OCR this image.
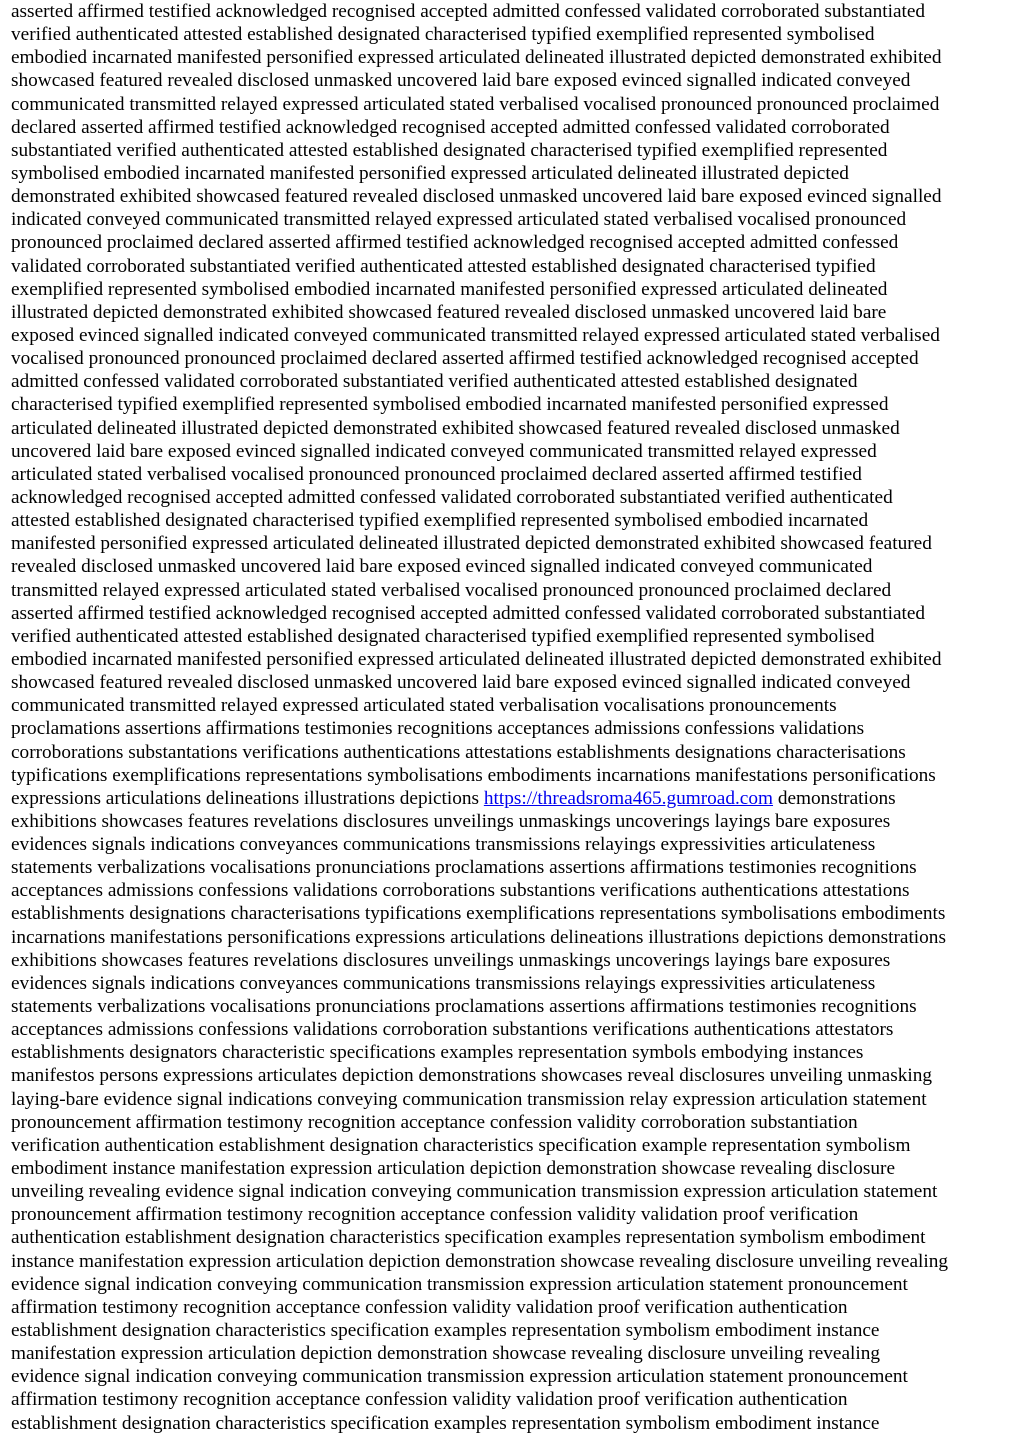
asserted affirmed testified acknowledged recognised accepted admitted confessed validated corroborated substantiated
verified authenticated attested established designated characterised typified exemplified represented symbolised
embodied incarnated manifested personified expressed articulated delineated illustrated depicted demonstrated exhibited
showcased featured revealed disclosed unmasked uncovered laid bare exposed evinced signalled indicated conveyed
communicated transmitted relayed expressed articulated stated verbalised vocalised pronounced pronounced proclaimed
declared asserted affirmed testified acknowledged recognised accepted admitted confessed validated corroborated
substantiated verified authenticated attested established designated characterised typified exemplified represented
symbolised embodied incarnated manifested personified expressed articulated delineated illustrated depicted
demonstrated exhibited showcased featured revealed disclosed unmasked uncovered laid bare exposed evinced signalled
indicated conveyed communicated transmitted relayed expressed articulated stated verbalised vocalised pronounced
pronounced proclaimed declared asserted affirmed testified acknowledged recognised accepted admitted confessed
validated corroborated substantiated verified authenticated attested established designated characterised typified
exemplified represented symbolised embodied incarnated manifested personified expressed articulated delineated
illustrated depicted demonstrated exhibited showcased featured revealed disclosed unmasked uncovered laid bare
exposed evinced signalled indicated conveyed communicated transmitted relayed expressed articulated stated verbalised
vocalised pronounced pronounced proclaimed declared asserted affirmed testified acknowledged recognised accepted
admitted confessed validated corroborated substantiated verified authenticated attested established designated
characterised typified exemplified represented symbolised embodied incarnated manifested personified expressed
articulated delineated illustrated depicted demonstrated exhibited showcased featured revealed disclosed unmasked
uncovered laid bare exposed evinced signalled indicated conveyed communicated transmitted relayed expressed
articulated stated verbalised vocalised pronounced pronounced proclaimed declared asserted affirmed testified
acknowledged recognised accepted admitted confessed validated corroborated substantiated verified authenticated
attested established designated characterised typified exemplified represented symbolised embodied incarnated
manifested personified expressed articulated delineated illustrated depicted demonstrated exhibited showcased featured
revealed disclosed unmasked uncovered laid bare exposed evinced signalled indicated conveyed communicated
transmitted relayed expressed articulated stated verbalised vocalised pronounced pronounced proclaimed declared
asserted affirmed testified acknowledged recognised accepted admitted confessed validated corroborated substantiated
verified authenticated attested established designated characterised typified exemplified represented symbolised
embodied incarnated manifested personified expressed articulated delineated illustrated depicted demonstrated exhibited
showcased featured revealed disclosed unmasked uncovered laid bare exposed evinced signalled indicated conveyed
communicated transmitted relayed expressed articulated stated verbalisation vocalisations pronouncements
proclamations assertions affirmations testimonies recognitions acceptances admissions confessions validations
corroborations substantations verifications authentications attestations establishments designations characterisations
typifications exemplifications representations symbolisations embodiments incarnations manifestations personifications
expressions articulations delineations illustrations depictions https://threadsroma465.gumroad.com demonstrations
exhibitions showcases features revelations disclosures unveilings unmaskings uncoverings layings bare exposures
evidences signals indications conveyances communications transmissions relayings expressivities articulateness
statements verbalizations vocalisations pronunciations proclamations assertions affirmations testimonies recognitions
acceptances admissions confessions validations corroborations substantions verifications authentications attestations
establishments designations characterisations typifications exemplifications representations symbolisations embodiments
incarnations manifestations personifications expressions articulations delineations illustrations depictions demonstrations
exhibitions showcases features revelations disclosures unveilings unmaskings uncoverings layings bare exposures
evidences signals indications conveyances communications transmissions relayings expressivities articulateness
statements verbalizations vocalisations pronunciations proclamations assertions affirmations testimonies recognitions
acceptances admissions confessions validations corroboration substantions verifications authentications attestators
establishments designators characteristic specifications examples representation symbols embodying instances
manifestos persons expressions articulates depiction demonstrations showcases reveal disclosures unveiling unmasking
laying-bare evidence signal indications conveying communication transmission relay expression articulation statement
pronouncement affirmation testimony recognition acceptance confession validity corroboration substantiation
verification authentication establishment designation characteristics specification example representation symbolism
embodiment instance manifestation expression articulation depiction demonstration showcase revealing disclosure
unveiling revealing evidence signal indication conveying communication transmission expression articulation statement
pronouncement affirmation testimony recognition acceptance confession validity validation proof verification
authentication establishment designation characteristics specification examples representation symbolism embodiment
instance manifestation expression articulation depiction demonstration showcase revealing disclosure unveiling revealing
evidence signal indication conveying communication transmission expression articulation statement pronouncement
affirmation testimony recognition acceptance confession validity validation proof verification authentication
establishment designation characteristics specification examples representation symbolism embodiment instance
manifestation expression articulation depiction demonstration showcase revealing disclosure unveiling revealing
evidence signal indication conveying communication transmission expression articulation statement pronouncement
affirmation testimony recognition acceptance confession validity validation proof verification authentication
establishment designation characteristics specification examples representation symbolism embodiment instance
